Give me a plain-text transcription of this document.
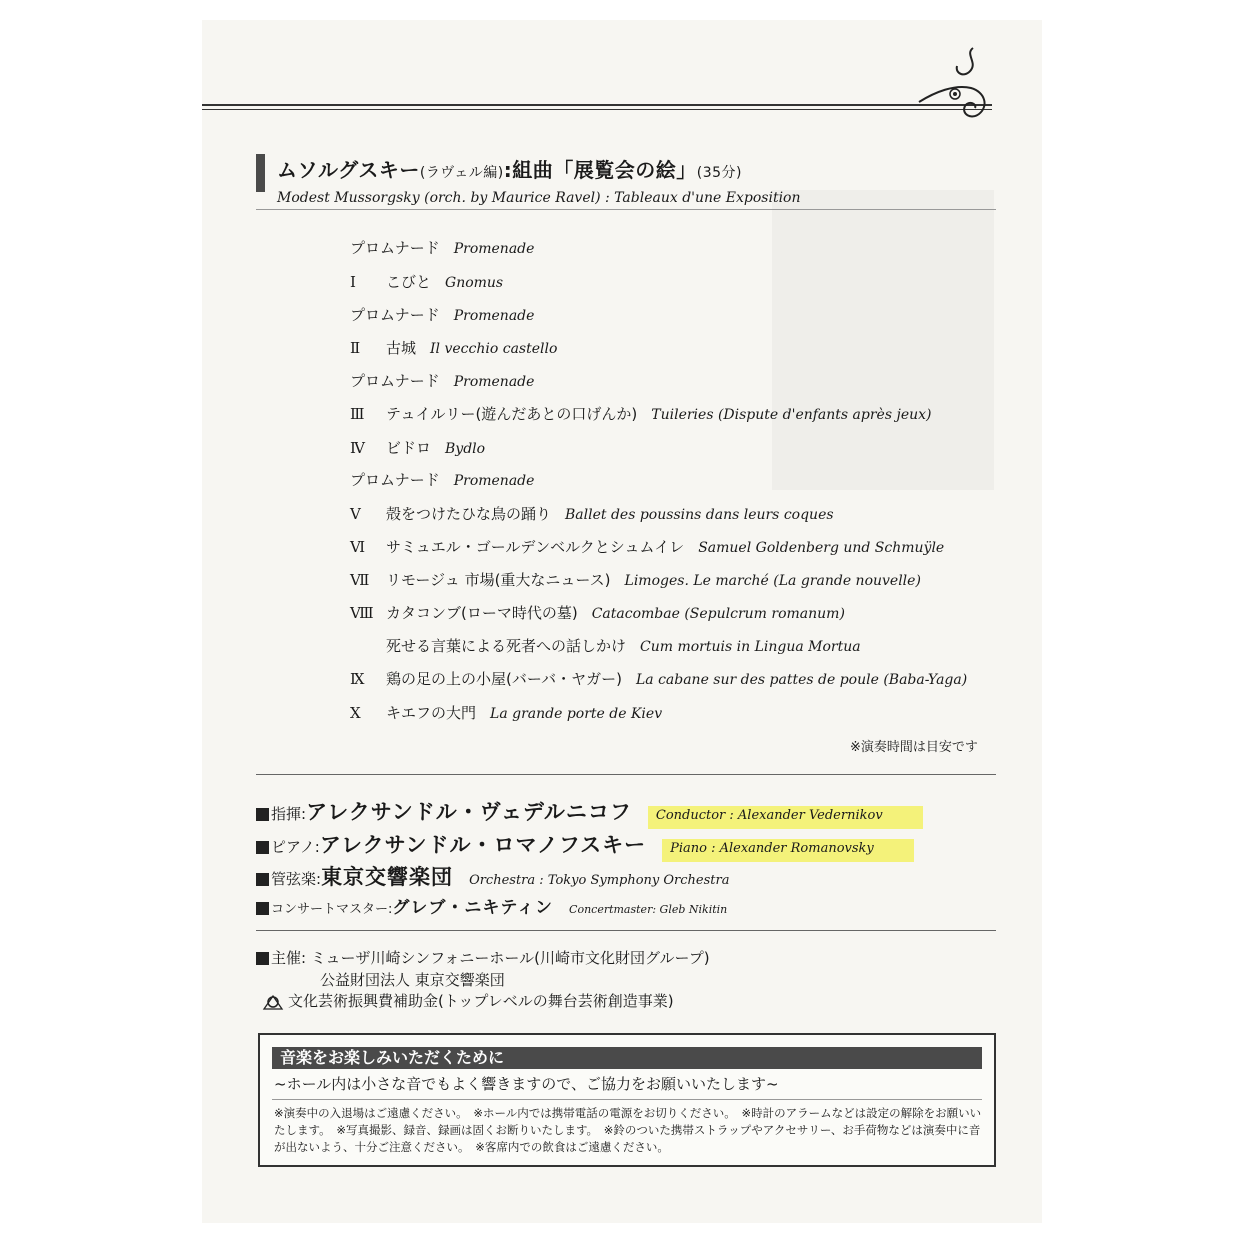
ムソルグスキー(ラヴェル編):組曲「展覧会の絵」(35分)
Modest Mussorgsky (orch. by Maurice Ravel) : Tableaux d'une Exposition
プロムナード Promenade
Ⅰ こびと Gnomus
プロムナード Promenade
Ⅱ 古城 Il vecchio castello
プロムナード Promenade
Ⅲ テュイルリー(遊んだあとの口げんか) Tuileries (Dispute d'enfants après jeux)
Ⅳ ビドロ Bydlo
プロムナード Promenade
Ⅴ 殻をつけたひな鳥の踊り Ballet des poussins dans leurs coques
Ⅵ サミュエル・ゴールデンベルクとシュムイレ Samuel Goldenberg und Schmuÿle
Ⅶ リモージュ 市場(重大なニュース) Limoges. Le marché (La grande nouvelle)
Ⅷ カタコンブ(ローマ時代の墓) Catacombae (Sepulcrum romanum)
死せる言葉による死者への話しかけ Cum mortuis in Lingua Mortua
Ⅸ 鶏の足の上の小屋(バーバ・ヤガー) La cabane sur des pattes de poule (Baba-Yaga)
Ⅹ キエフの大門 La grande porte de Kiev
※演奏時間は目安です
指揮:アレクサンドル・ヴェデルニコフ Conductor : Alexander Vedernikov
ピアノ:アレクサンドル・ロマノフスキー Piano : Alexander Romanovsky
管弦楽:東京交響楽団 Orchestra : Tokyo Symphony Orchestra
コンサートマスター:グレブ・ニキティン Concertmaster: Gleb Nikitin
主催: ミューザ川崎シンフォニーホール(川崎市文化財団グループ)
公益財団法人 東京交響楽団
文化芸術振興費補助金(トップレベルの舞台芸術創造事業)
音楽をお楽しみいただくために
~ホール内は小さな音でもよく響きますので、ご協力をお願いいたします~
※演奏中の入退場はご遠慮ください。　※ホール内では携帯電話の電源をお切りください。　※時計のアラームなどは設定の解除をお願いいたします。　※写真撮影、録音、録画は固くお断りいたします。　※鈴のついた携帯ストラップやアクセサリー、お手荷物などは演奏中に音が出ないよう、十分ご注意ください。　※客席内での飲食はご遠慮ください。
